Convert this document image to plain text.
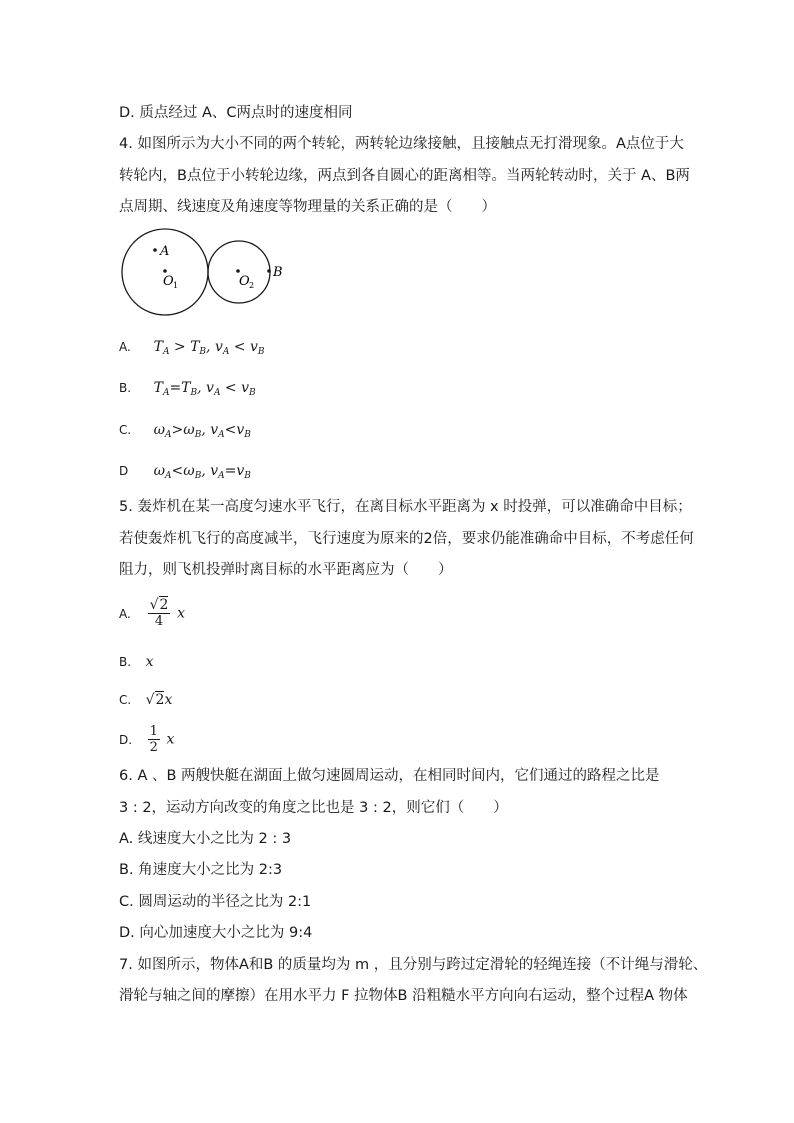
D. 质点经过 A、C两点时的速度相同
4. 如图所示为大小不同的两个转轮，两转轮边缘接触，且接触点无打滑现象。A点位于大
转轮内，B点位于小转轮边缘，两点到各自圆心的距离相等。当两轮转动时，关于 A、B两
点周期、线速度及角速度等物理量的关系正确的是（　　）
A
O 1	O 2
B
A. $T_A > T_B$, $v_A < v_B$
B. $T_A=T_B$, $v_A < v_B$
C. $\omega_A>\omega_B$, $v_A<v_B$
D $\omega_A<\omega_B$, $v_A=v_B$
5. 轰炸机在某一高度匀速水平飞行，在离目标水平距离为 x 时投弹，可以准确命中目标；
若使轰炸机飞行的高度减半，飞行速度为原来的2倍，要求仍能准确命中目标，不考虑任何
阻力，则飞机投弹时离目标的水平距离应为（　　）
A. $\frac{√2}{4}$ x
B. x
C. √2x
D. $\frac{1}{2}$ x
6. A 、B 两艘快艇在湖面上做匀速圆周运动，在相同时间内，它们通过的路程之比是
3 : 2，运动方向改变的角度之比也是 3 : 2，则它们（　　）
A. 线速度大小之比为 2 : 3
B. 角速度大小之比为 2:3
C. 圆周运动的半径之比为 2:1
D. 向心加速度大小之比为 9:4
7. 如图所示，物体A和B 的质量均为 m ，且分别与跨过定滑轮的轻绳连接（不计绳与滑轮、
滑轮与轴之间的摩擦）在用水平力 F 拉物体B 沿粗糙水平方向向右运动，整个过程A 物体
